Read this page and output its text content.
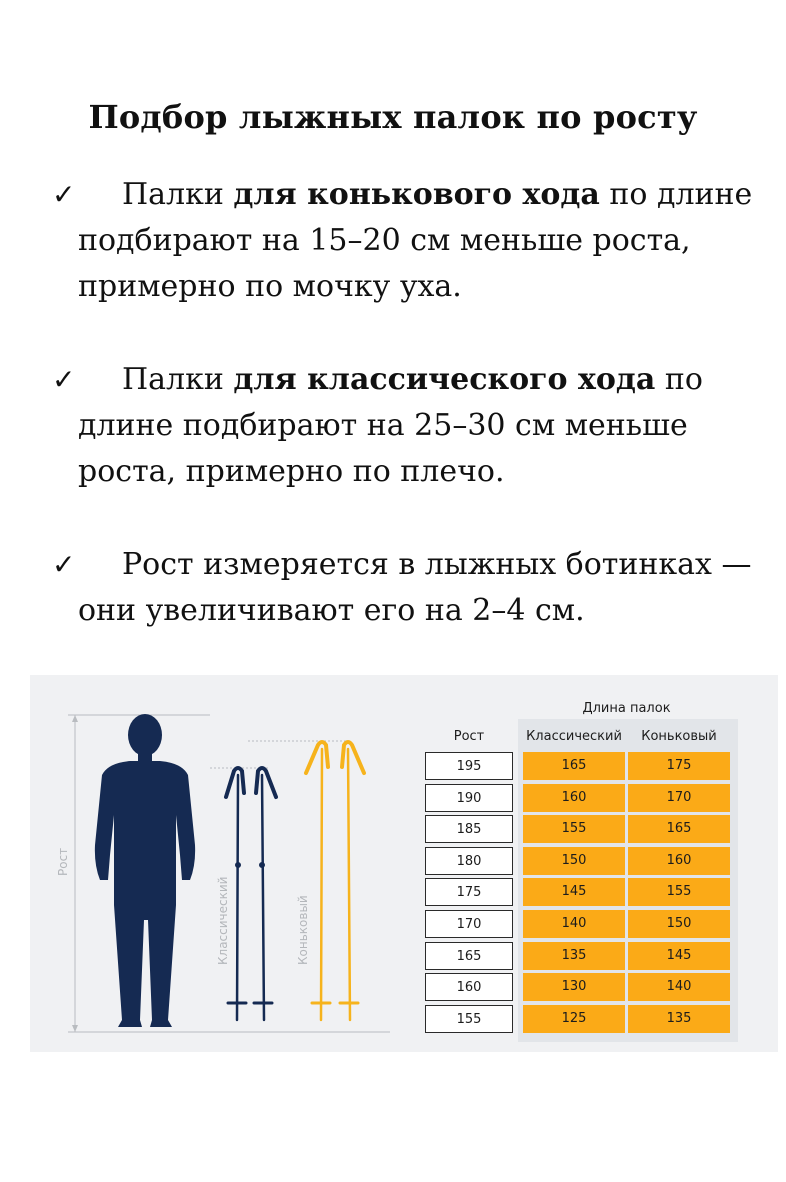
Подбор лыжных палок по росту
✓	Палки для конькового хода по длине подбирают на 15–20 см меньше роста, примерно по мочку уха.

✓	Палки для классического хода по длине подбирают на 25–30 см меньше роста, примерно по плечо.

✓	Рост измеряется в лыжных ботинках — они увеличивают его на 2–4 см.

Рост
Классический	Коньковый
Длина палок
Рост	Классический	Коньковый
195	165	175
190	160	170
185	155	165
180	150	160
175	145	155
170	140	150
165	135	145
160	130	140
155	125	135
